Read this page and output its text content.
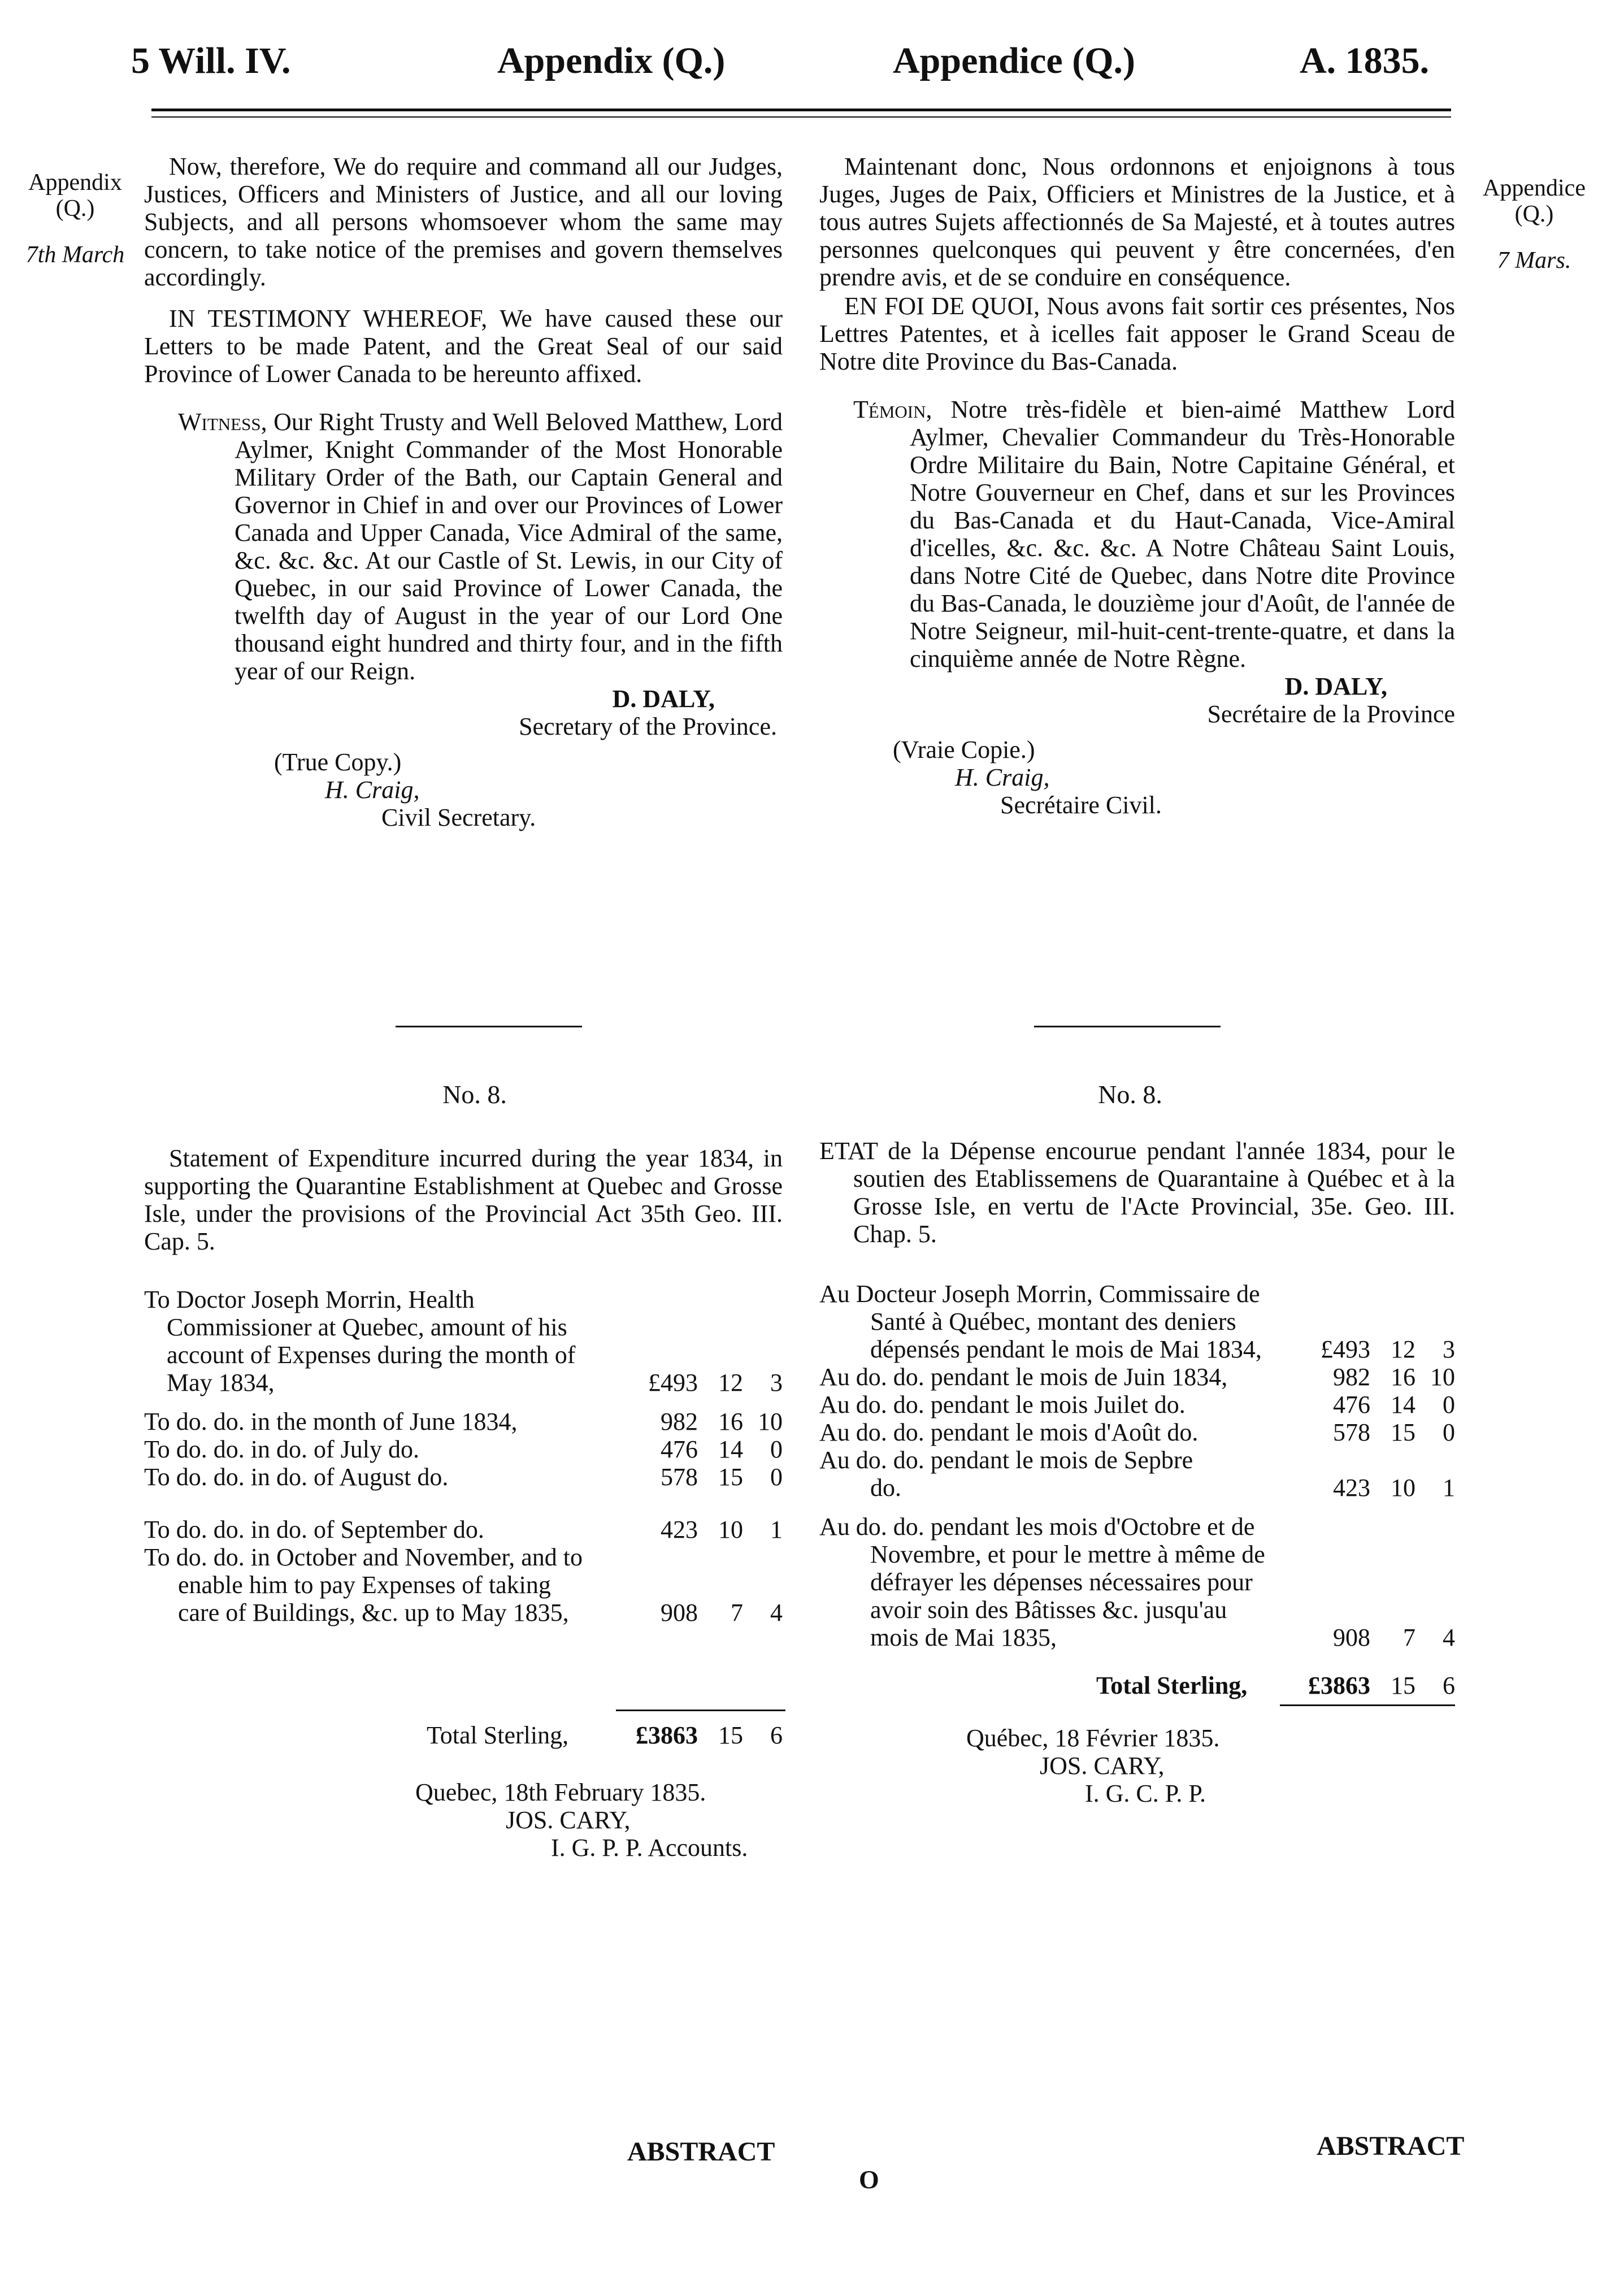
5 Will. IV.	Appendix (Q.)	Appendice (Q.)	A. 1835.
Appendix
(Q.)
7th March
Appendice
(Q.)
7 Mars.

Now, therefore, We do require and command all our Judges, Justices, Officers and Ministers of Justice, and all our loving Subjects, and all persons whomsoever whom the same may concern, to take notice of the premises and govern themselves accordingly.

IN TESTIMONY WHEREOF, We have caused these our Letters to be made Patent, and the Great Seal of our said Province of Lower Canada to be hereunto affixed.

Witness, Our Right Trusty and Well Beloved Matthew, Lord Aylmer, Knight Commander of the Most Honorable Military Order of the Bath, our Captain General and Governor in Chief in and over our Provinces of Lower Canada and Upper Canada, Vice Admiral of the same, &c. &c. &c. At our Castle of St. Lewis, in our City of Quebec, in our said Province of Lower Canada, the twelfth day of August in the year of our Lord One thousand eight hundred and thirty four, and in the fifth year of our Reign.

D. DALY,

Secretary of the Province.

(True Copy.)

H. Craig,

Civil Secretary.

Maintenant donc, Nous ordonnons et enjoignons à tous Juges, Juges de Paix, Officiers et Ministres de la Justice, et à tous autres Sujets affectionnés de Sa Majesté, et à toutes autres personnes quelconques qui peuvent y être concernées, d'en prendre avis, et de se conduire en conséquence.

EN FOI DE QUOI, Nous avons fait sortir ces présentes, Nos Lettres Patentes, et à icelles fait apposer le Grand Sceau de Notre dite Province du Bas-Canada.

Témoin, Notre très-fidèle et bien-aimé Matthew Lord Aylmer, Chevalier Commandeur du Très-Honorable Ordre Militaire du Bain, Notre Capitaine Général, et Notre Gouverneur en Chef, dans et sur les Provinces du Bas-Canada et du Haut-Canada, Vice-Amiral d'icelles, &c. &c. &c. A Notre Château Saint Louis, dans Notre Cité de Quebec, dans Notre dite Province du Bas-Canada, le douzième jour d'Août, de l'année de Notre Seigneur, mil-huit-cent-trente-quatre, et dans la cinquième année de Notre Règne.

D. DALY,

Secrétaire de la Province

(Vraie Copie.)

H. Craig,

Secrétaire Civil.

No. 8.	No. 8.
Statement of Expenditure incurred during the year 1834, in supporting the Quarantine Establishment at Quebec and Grosse Isle, under the provisions of the Provincial Act 35th Geo. III. Cap. 5.
ETAT de la Dépense encourue pendant l'année 1834, pour le soutien des Etablissemens de Quarantaine à Québec et à la Grosse Isle, en vertu de l'Acte Provincial, 35e. Geo. III. Chap. 5.
To Doctor Joseph Morrin, Health Commissioner at Quebec, amount of his account of Expenses during the month of May 1834,	£493 12	3
To do. do. in the month of June 1834,	982 16 10
To do. do. in do. of July do.	476 14	0
To do. do. in do. of August do.	578 15	0
To do. do. in do. of September do.	423 10	1
To do. do. in October and November, and to enable him to pay Expenses of taking care of Buildings, &c. up to May 1835,	908	7	4
Total Sterling,	£3863 15	6
Quebec, 18th February 1835.
JOS. CARY,
I. G. P. P. Accounts.
Au Docteur Joseph Morrin, Commissaire de Santé à Québec, montant des deniers dépensés pendant le mois de Mai 1834,	£493 12	3
Au do. do. pendant le mois de Juin 1834,	982 16 10
Au do. do. pendant le mois Juilet do.	476 14	0
Au do. do. pendant le mois d'Août do.	578 15	0
Au do. do. pendant le mois de Sepbre do.	423 10	1
Au do. do. pendant les mois d'Octobre et de Novembre, et pour le mettre à même de défrayer les dépenses nécessaires pour avoir soin des Bâtisses &c. jusqu'au mois de Mai 1835,	908	7	4
Total Sterling,	£3863 15	6
Québec, 18 Février 1835.
JOS. CARY,
I. G. C. P. P.
ABSTRACT	ABSTRACT
O
